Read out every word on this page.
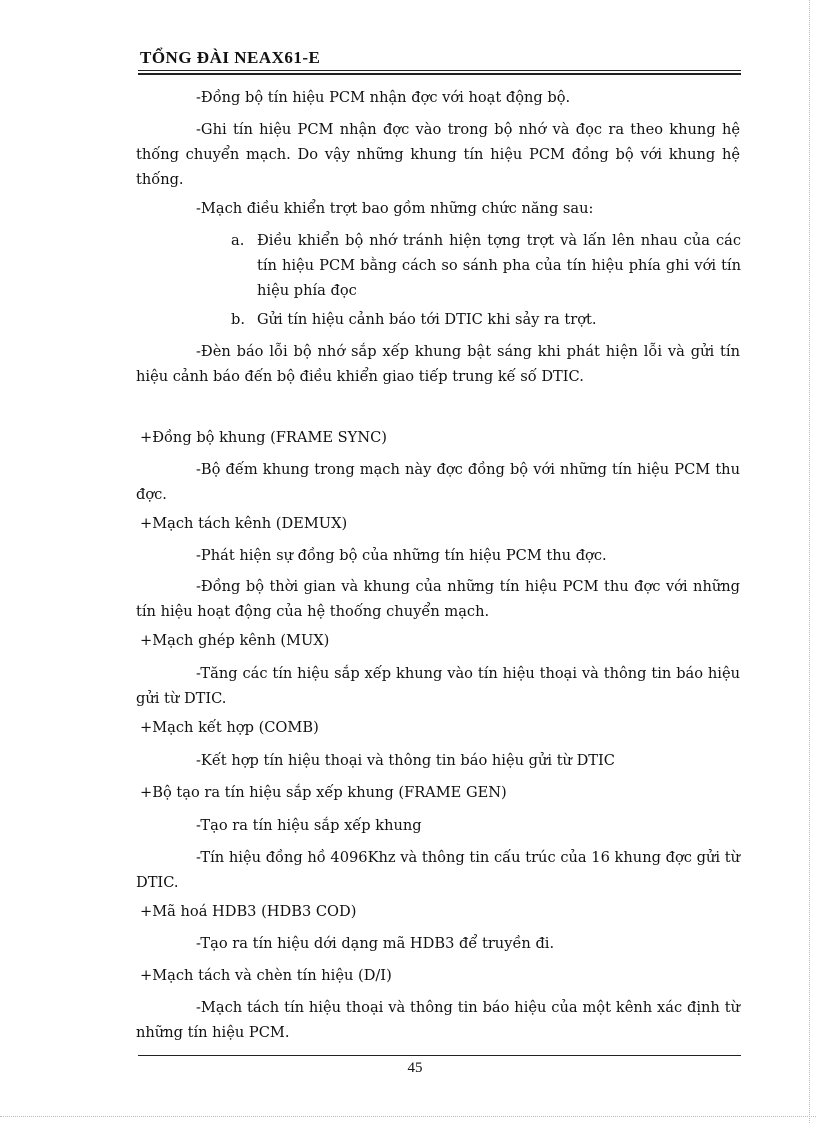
TỔNG ĐÀI NEAX61-E

-Đồng bộ tín hiệu PCM nhận đợc với hoạt động bộ.

-Ghi tín hiệu PCM nhận đợc vào trong bộ nhớ và đọc ra theo khung hệ thống chuyển mạch. Do vậy những khung tín hiệu PCM đồng bộ với khung hệ thống.

-Mạch điều khiển trợt bao gồm những chức năng sau:

a. Điều khiển bộ nhớ tránh hiện tợng trợt và lấn lên nhau của các tín hiệu PCM bằng cách so sánh pha của tín hiệu phía ghi với tín hiệu phía đọc
b. Gửi tín hiệu cảnh báo tới DTIC khi sảy ra trợt.

-Đèn báo lỗi bộ nhớ sắp xếp khung bật sáng khi phát hiện lỗi và gửi tín hiệu cảnh báo đến bộ điều khiển giao tiếp trung kế số DTIC.

+Đồng bộ khung (FRAME SYNC)

-Bộ đếm khung trong mạch này đợc đồng bộ với những tín hiệu PCM thu đợc.

+Mạch tách kênh (DEMUX)

-Phát hiện sự đồng bộ của những tín hiệu PCM thu đợc.

-Đồng bộ thời gian và khung của những tín hiệu PCM thu đợc với những tín hiệu hoạt động của hệ thoống chuyển mạch.

+Mạch ghép kênh (MUX)

-Tăng các tín hiệu sắp xếp khung vào tín hiệu thoại và thông tin báo hiệu gửi từ DTIC.

+Mạch kết hợp (COMB)

-Kết hợp tín hiệu thoại và thông tin báo hiệu gửi từ DTIC

+Bộ tạo ra tín hiệu sắp xếp khung (FRAME GEN)

-Tạo ra tín hiệu sắp xếp khung

-Tín hiệu đồng hồ 4096Khz và thông tin cấu trúc của 16 khung đợc gửi từ DTIC.

+Mã hoá HDB3 (HDB3 COD)

-Tạo ra tín hiệu dới dạng mã HDB3 để truyền đi.

+Mạch tách và chèn tín hiệu (D/I)

-Mạch tách tín hiệu thoại và thông tin báo hiệu của một kênh xác định từ những tín hiệu PCM.

45
